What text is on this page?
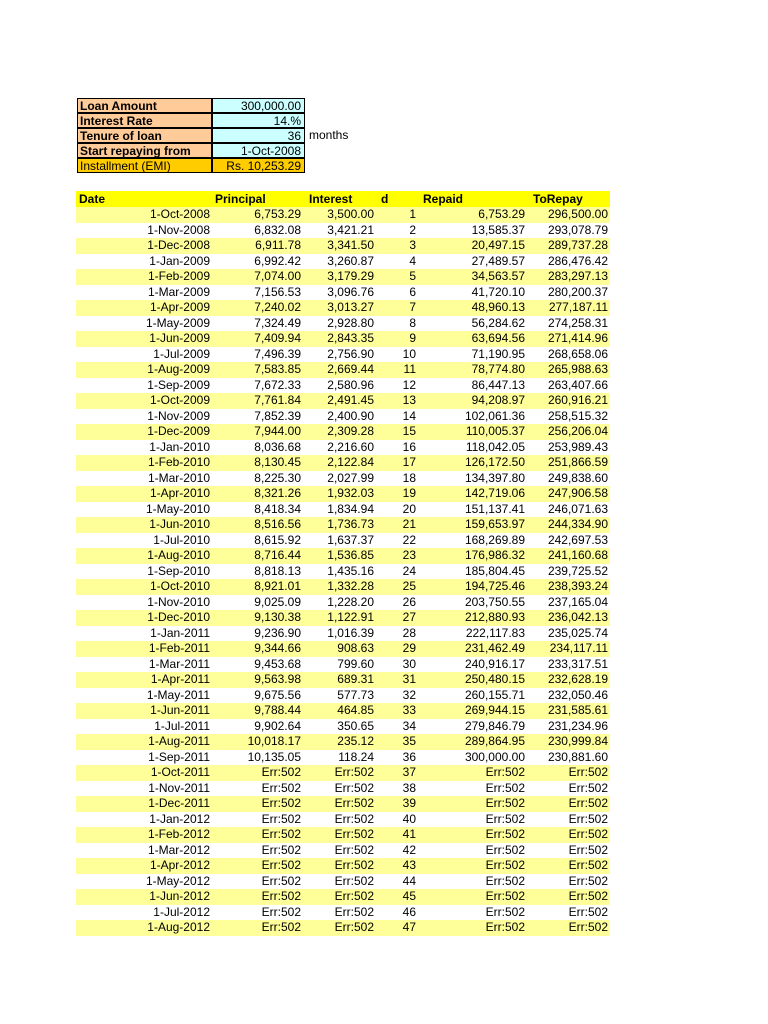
Loan Amount	300,000.00
Interest Rate	14.%
Tenure of loan	36 months
Start repaying from	1-Oct-2008
Installment (EMI)	Rs. 10,253.29
Date	Principal	Interest d	Repaid	ToRepay
1-Oct-2008	6,753.29 3,500.00	1	6,753.29 296,500.00
1-Nov-2008	6,832.08 3,421.21	2	13,585.37 293,078.79
1-Dec-2008	6,911.78 3,341.50	3	20,497.15 289,737.28
1-Jan-2009	6,992.42 3,260.87	4	27,489.57 286,476.42
1-Feb-2009	7,074.00 3,179.29	5	34,563.57 283,297.13
1-Mar-2009	7,156.53 3,096.76	6	41,720.10 280,200.37
1-Apr-2009	7,240.02 3,013.27	7	48,960.13 277,187.11
1-May-2009	7,324.49 2,928.80	8	56,284.62 274,258.31
1-Jun-2009	7,409.94 2,843.35	9	63,694.56 271,414.96
1-Jul-2009	7,496.39 2,756.90 10	71,190.95 268,658.06
1-Aug-2009	7,583.85 2,669.44 11	78,774.80 265,988.63
1-Sep-2009	7,672.33 2,580.96 12	86,447.13 263,407.66
1-Oct-2009	7,761.84 2,491.45 13	94,208.97 260,916.21
1-Nov-2009	7,852.39 2,400.90 14	102,061.36 258,515.32
1-Dec-2009	7,944.00 2,309.28 15	110,005.37 256,206.04
1-Jan-2010	8,036.68 2,216.60 16	118,042.05 253,989.43
1-Feb-2010	8,130.45 2,122.84 17	126,172.50 251,866.59
1-Mar-2010	8,225.30 2,027.99 18	134,397.80 249,838.60
1-Apr-2010	8,321.26 1,932.03 19	142,719.06 247,906.58
1-May-2010	8,418.34 1,834.94 20	151,137.41 246,071.63
1-Jun-2010	8,516.56 1,736.73 21	159,653.97 244,334.90
1-Jul-2010	8,615.92 1,637.37 22	168,269.89 242,697.53
1-Aug-2010	8,716.44 1,536.85 23	176,986.32 241,160.68
1-Sep-2010	8,818.13 1,435.16 24	185,804.45 239,725.52
1-Oct-2010	8,921.01 1,332.28 25	194,725.46 238,393.24
1-Nov-2010	9,025.09 1,228.20 26	203,750.55 237,165.04
1-Dec-2010	9,130.38 1,122.91 27	212,880.93 236,042.13
1-Jan-2011	9,236.90 1,016.39 28	222,117.83 235,025.74
1-Feb-2011	9,344.66	908.63 29	231,462.49 234,117.11
1-Mar-2011	9,453.68	799.60 30	240,916.17 233,317.51
1-Apr-2011	9,563.98	689.31 31	250,480.15 232,628.19
1-May-2011	9,675.56	577.73 32	260,155.71 232,050.46
1-Jun-2011	9,788.44	464.85 33	269,944.15 231,585.61
1-Jul-2011	9,902.64	350.65 34	279,846.79 231,234.96
1-Aug-2011	10,018.17	235.12 35	289,864.95 230,999.84
1-Sep-2011	10,135.05	118.24 36	300,000.00 230,881.60
1-Oct-2011	Err:502	Err:502 37	Err:502	Err:502
1-Nov-2011	Err:502	Err:502 38	Err:502	Err:502
1-Dec-2011	Err:502	Err:502 39	Err:502	Err:502
1-Jan-2012	Err:502	Err:502 40	Err:502	Err:502
1-Feb-2012	Err:502	Err:502 41	Err:502	Err:502
1-Mar-2012	Err:502	Err:502 42	Err:502	Err:502
1-Apr-2012	Err:502	Err:502 43	Err:502	Err:502
1-May-2012	Err:502	Err:502 44	Err:502	Err:502
1-Jun-2012	Err:502	Err:502 45	Err:502	Err:502
1-Jul-2012	Err:502	Err:502 46	Err:502	Err:502
1-Aug-2012	Err:502	Err:502 47	Err:502	Err:502
